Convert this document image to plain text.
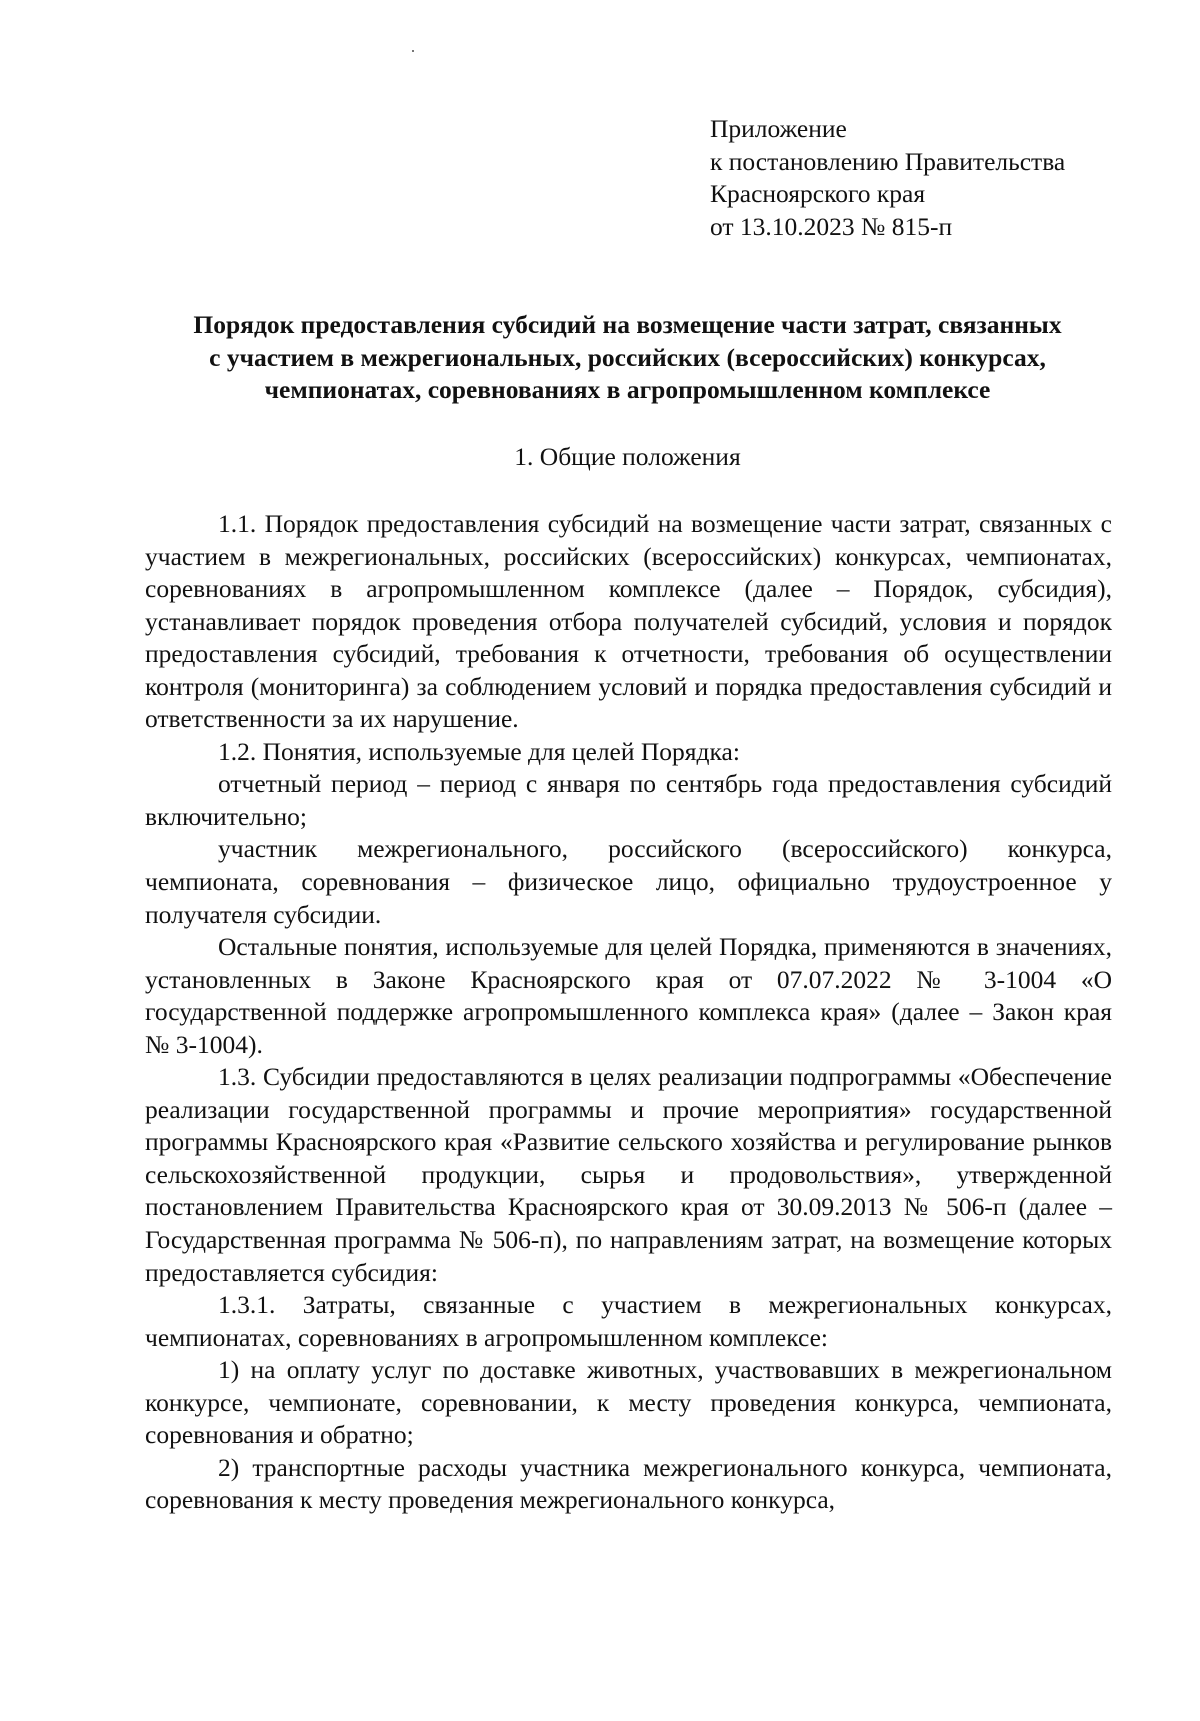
Приложение
к постановлению Правительства
Красноярского края
от 13.10.2023 № 815-п
Порядок предоставления субсидий на возмещение части затрат, связанных
с участием в межрегиональных, российских (всероссийских) конкурсах,
чемпионатах, соревнованиях в агропромышленном комплексе
1. Общие положения

1.1. Порядок предоставления субсидий на возмещение части затрат, связанных с участием в межрегиональных, российских (всероссийских) конкурсах, чемпионатах, соревнованиях в агропромышленном комплексе (далее – Порядок, субсидия), устанавливает порядок проведения отбора получателей субсидий, условия и порядок предоставления субсидий, требования к отчетности, требования об осуществлении контроля (мониторинга) за соблюдением условий и порядка предоставления субсидий и ответственности за их нарушение.

1.2. Понятия, используемые для целей Порядка:

отчетный период – период с января по сентябрь года предоставления субсидий включительно;

участник межрегионального, российского (всероссийского) конкурса, чемпионата, соревнования – физическое лицо, официально трудоустроенное у получателя субсидии.

Остальные понятия, используемые для целей Порядка, применяются в значениях, установленных в Законе Красноярского края от 07.07.2022 № 3-1004 «О государственной поддержке агропромышленного комплекса края» (далее – Закон края № 3-1004).

1.3. Субсидии предоставляются в целях реализации подпрограммы «Обеспечение реализации государственной программы и прочие мероприятия» государственной программы Красноярского края «Развитие сельского хозяйства и регулирование рынков сельскохозяйственной продукции, сырья и продовольствия», утвержденной постановлением Правительства Красноярского края от 30.09.2013 № 506-п (далее – Государственная программа № 506-п), по направлениям затрат, на возмещение которых предоставляется субсидия:

1.3.1. Затраты, связанные с участием в межрегиональных конкурсах, чемпионатах, соревнованиях в агропромышленном комплексе:

1) на оплату услуг по доставке животных, участвовавших в межрегиональном конкурсе, чемпионате, соревновании, к месту проведения конкурса, чемпионата, соревнования и обратно;

2) транспортные расходы участника межрегионального конкурса, чемпионата, соревнования к месту проведения межрегионального конкурса,
